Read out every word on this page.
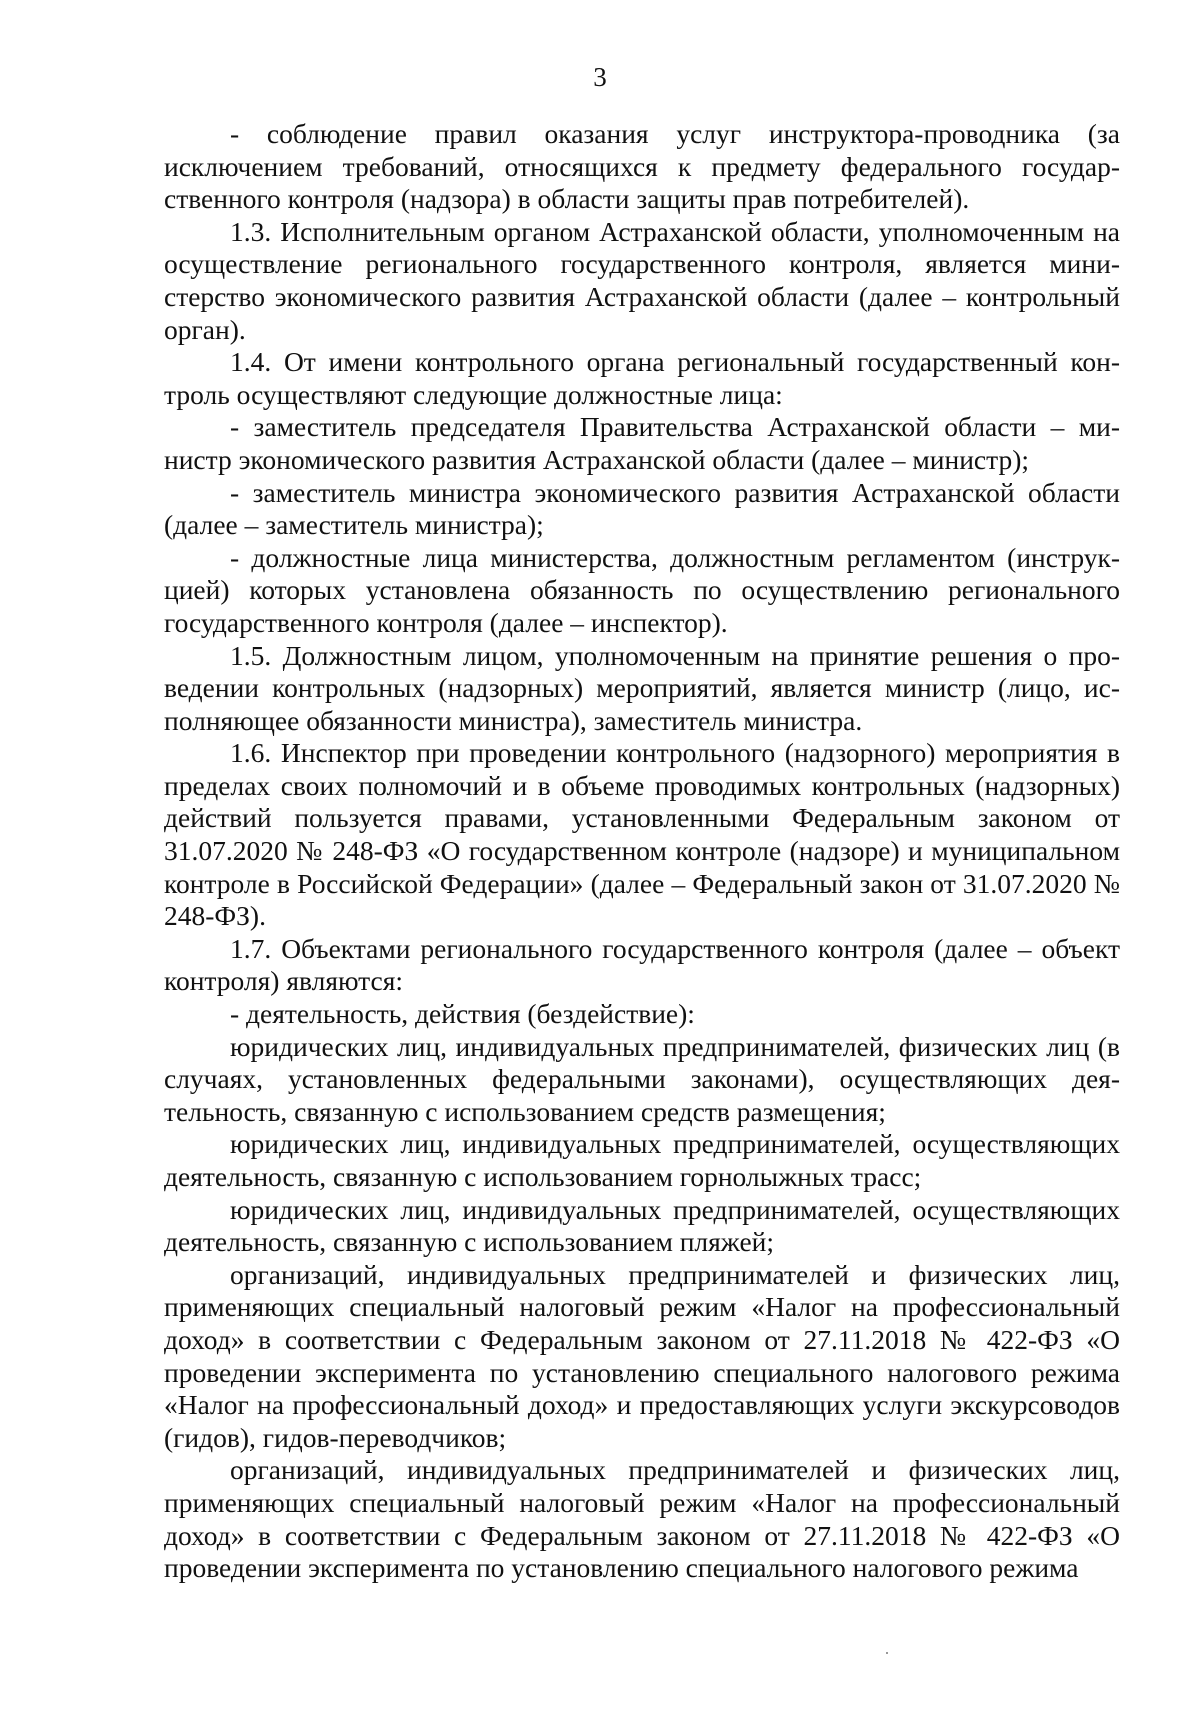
3

- соблюдение правил оказания услуг инструктора-проводника (за исключением требований, относящихся к предмету федерального государственного контроля (надзора) в области защиты прав потребителей).

1.3. Исполнительным органом Астраханской области, уполномоченным на осуществление регионального государственного контроля, является министерство экономического развития Астраханской области (далее – контрольный орган).

1.4. От имени контрольного органа региональный государственный контроль осуществляют следующие должностные лица:

- заместитель председателя Правительства Астраханской области – министр экономического развития Астраханской области (далее – министр);

- заместитель министра экономического развития Астраханской области (далее – заместитель министра);

- должностные лица министерства, должностным регламентом (инструкцией) которых установлена обязанность по осуществлению регионального государственного контроля (далее – инспектор).

1.5. Должностным лицом, уполномоченным на принятие решения о проведении контрольных (надзорных) мероприятий, является министр (лицо, исполняющее обязанности министра), заместитель министра.

1.6. Инспектор при проведении контрольного (надзорного) мероприятия в пределах своих полномочий и в объеме проводимых контрольных (надзорных) действий пользуется правами, установленными Федеральным законом от 31.07.2020 № 248-ФЗ «О государственном контроле (надзоре) и муниципальном контроле в Российской Федерации» (далее – Федеральный закон от 31.07.2020 № 248-ФЗ).

1.7. Объектами регионального государственного контроля (далее – объект контроля) являются:

- деятельность, действия (бездействие):

юридических лиц, индивидуальных предпринимателей, физических лиц (в случаях, установленных федеральными законами), осуществляющих деятельность, связанную с использованием средств размещения;

юридических лиц, индивидуальных предпринимателей, осуществляющих деятельность, связанную с использованием горнолыжных трасс;

юридических лиц, индивидуальных предпринимателей, осуществляющих деятельность, связанную с использованием пляжей;

организаций, индивидуальных предпринимателей и физических лиц, применяющих специальный налоговый режим «Налог на профессиональный доход» в соответствии с Федеральным законом от 27.11.2018 № 422-ФЗ «О проведении эксперимента по установлению специального налогового режима «Налог на профессиональный доход» и предоставляющих услуги экскурсоводов (гидов), гидов-переводчиков;

организаций, индивидуальных предпринимателей и физических лиц, применяющих специальный налоговый режим «Налог на профессиональный доход» в соответствии с Федеральным законом от 27.11.2018 № 422-ФЗ «О проведении эксперимента по установлению специального налогового режима
